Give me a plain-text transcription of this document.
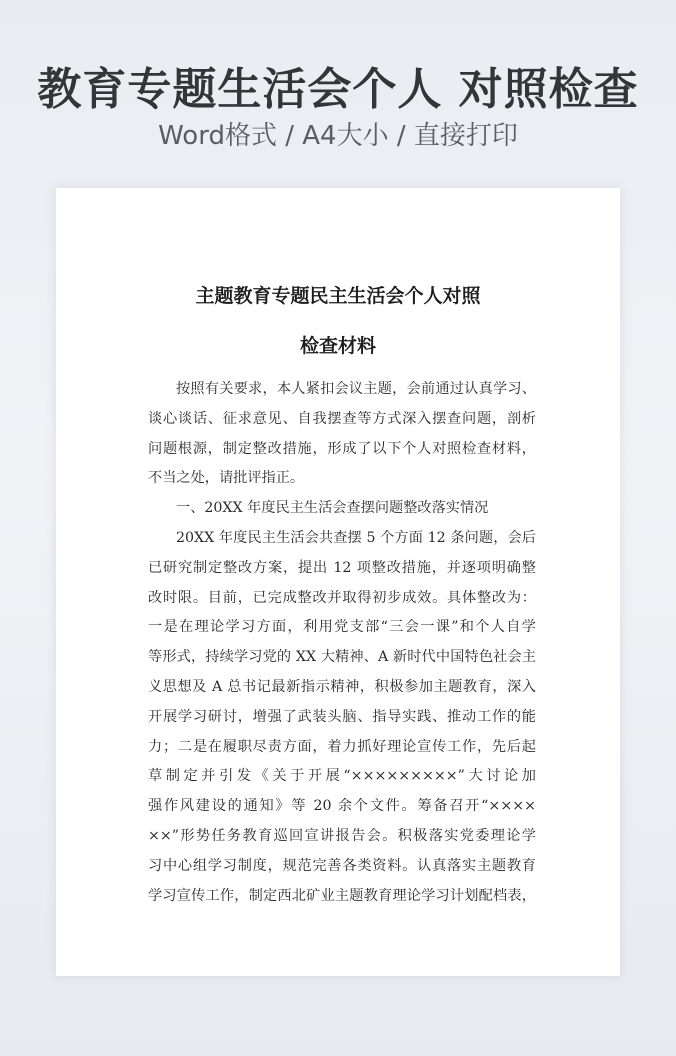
教育专题生活会个人 对照检查
Word格式 / A4大小 / 直接打印
主题教育专题民主生活会个人对照
检查材料
按照有关要求，本人紧扣会议主题，会前通过认真学习、
谈心谈话、征求意见、自我摆查等方式深入摆查问题，剖析
问题根源，制定整改措施，形成了以下个人对照检查材料，
不当之处，请批评指正。
一、20XX 年度民主生活会查摆问题整改落实情况
20XX 年度民主生活会共查摆 5 个方面 12 条问题，会后
已研究制定整改方案，提出 12 项整改措施，并逐项明确整
改时限。目前，已完成整改并取得初步成效。具体整改为：
一是在理论学习方面，利用党支部“三会一课”和个人自学
等形式，持续学习党的 XX 大精神、A 新时代中国特色社会主
义思想及 A 总书记最新指示精神，积极参加主题教育，深入
开展学习研讨，增强了武装头脑、指导实践、推动工作的能
力；二是在履职尽责方面，着力抓好理论宣传工作，先后起
草制定并引发《关于开展“×××××××××”大讨论加
强作风建设的通知》等 20 余个文件。筹备召开“××××
××”形势任务教育巡回宣讲报告会。积极落实党委理论学
习中心组学习制度，规范完善各类资料。认真落实主题教育
学习宣传工作，制定西北矿业主题教育理论学习计划配档表，
